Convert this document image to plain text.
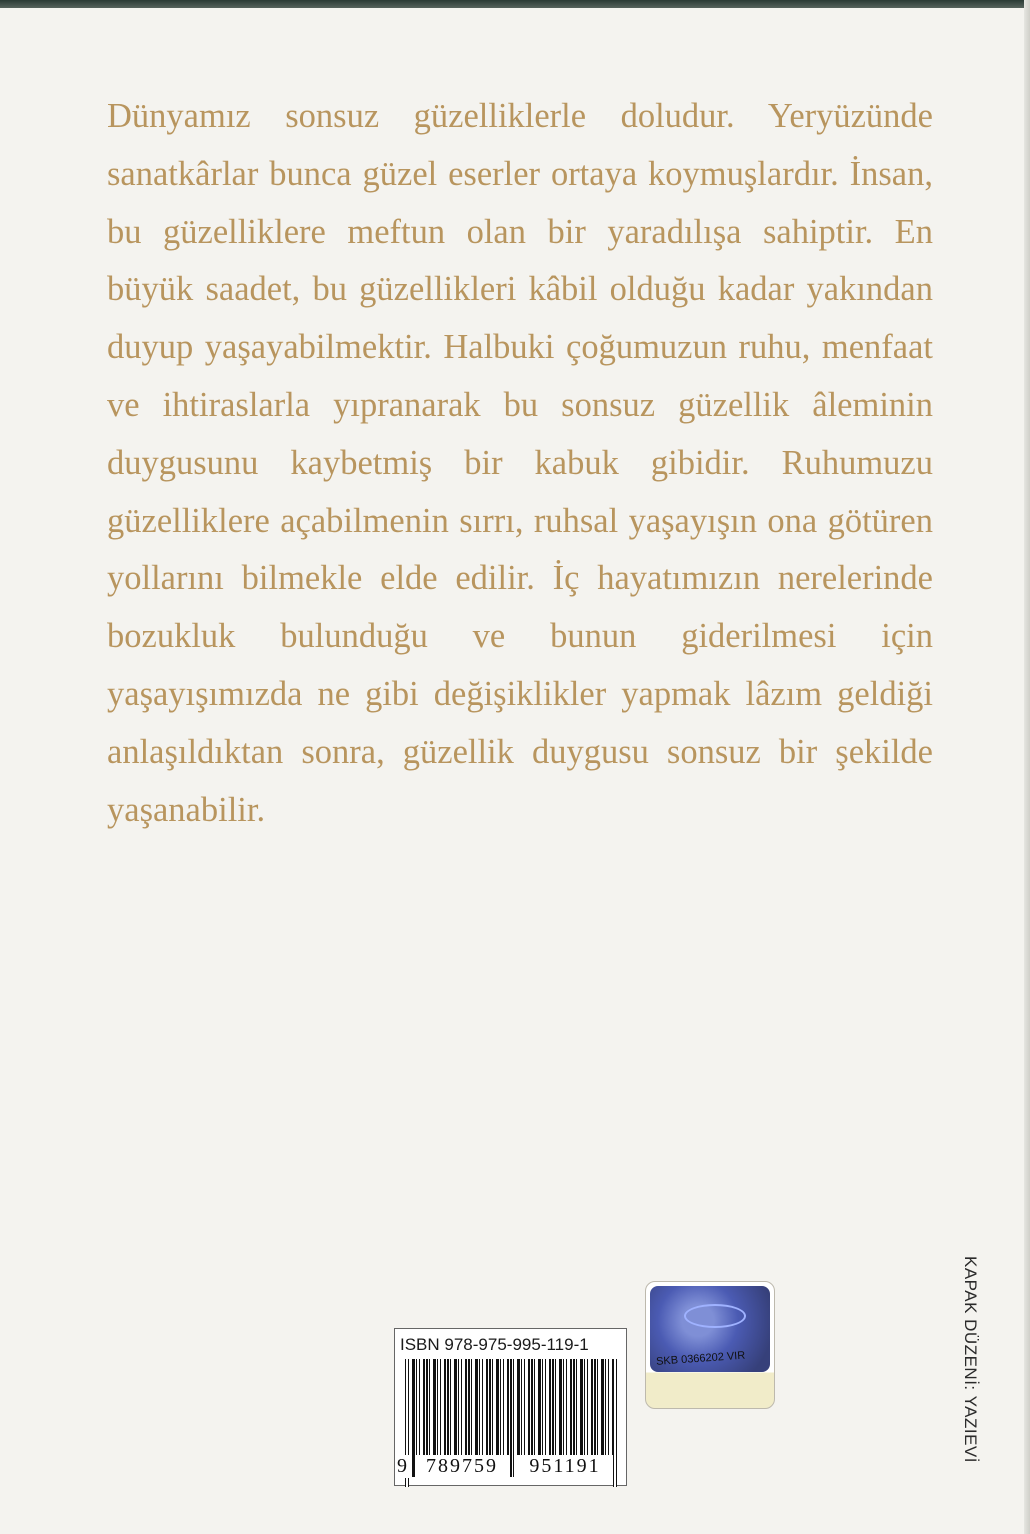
Dünyamız sonsuz güzelliklerle doludur. Yeryüzünde sanatkârlar bunca güzel eserler ortaya koymuşlardır. İnsan, bu güzelliklere meftun olan bir yaradılışa sahiptir. En büyük saadet, bu güzellikleri kâbil olduğu kadar yakından duyup yaşayabilmektir. Halbuki çoğumuzun ruhu, menfaat ve ihtiraslarla yıpranarak bu sonsuz güzellik âleminin duygusunu kaybetmiş bir kabuk gibidir. Ruhumuzu güzelliklere açabilmenin sırrı, ruhsal yaşayışın ona götüren yollarını bilmekle elde edilir. İç hayatımızın nerelerinde bozukluk bulunduğu ve bunun giderilmesi için yaşayışımızda ne gibi değişiklikler yapmak lâzım geldiği anlaşıldıktan sonra, güzellik duygusu sonsuz bir şekilde yaşanabilir.

KAPAK DÜZENİ: YAZIEVİ
ISBN 978-975-995-119-1
9 789759	951191
SKB 0366202 VIR
